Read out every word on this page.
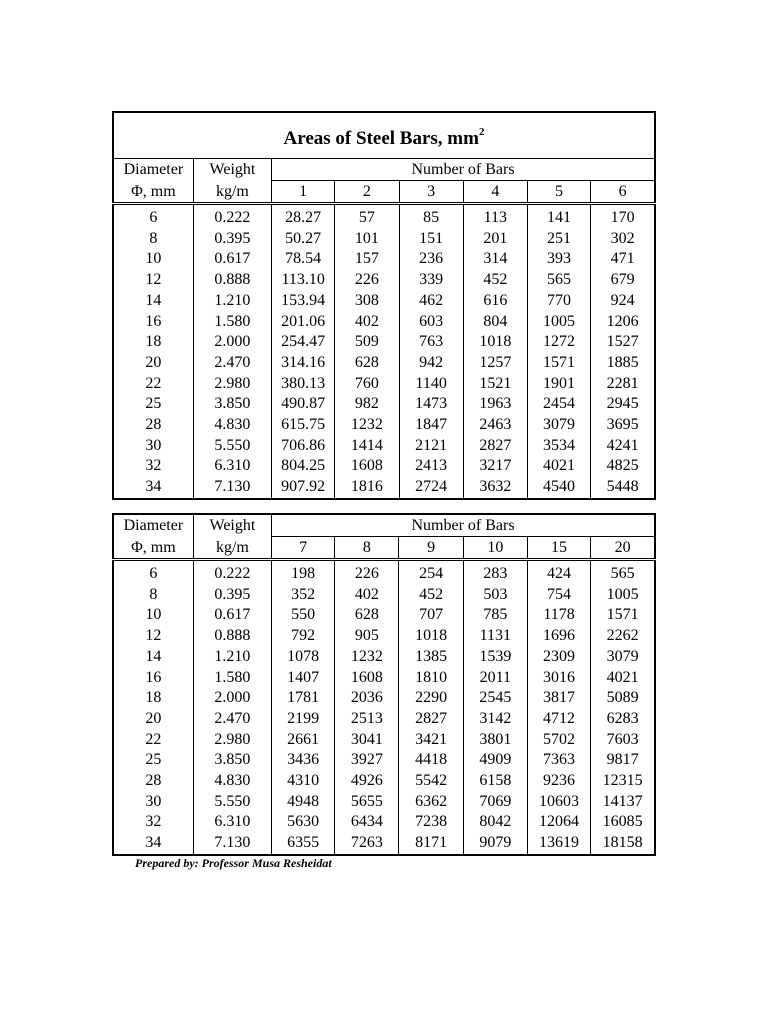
Areas of Steel Bars, $mm^2$
Diameter	Weight	Number of Bars					
Φ, mm	kg/m	1	2	3	4	5	6

6	0.222	28.27	57	85	113	141	170
8	0.395	50.27	101	151	201	251	302
10	0.617	78.54	157	236	314	393	471
12	0.888	113.10	226	339	452	565	679
14	1.210	153.94	308	462	616	770	924
16	1.580	201.06	402	603	804	1005	1206
18	2.000	254.47	509	763	1018	1272	1527
20	2.470	314.16	628	942	1257	1571	1885
22	2.980	380.13	760	1140	1521	1901	2281
25	3.850	490.87	982	1473	1963	2454	2945
28	4.830	615.75	1232	1847	2463	3079	3695
30	5.550	706.86	1414	2121	2827	3534	4241
32	6.310	804.25	1608	2413	3217	4021	4825
34	7.130	907.92	1816	2724	3632	4540	5448
Diameter	Weight	Number of Bars					
Φ, mm	kg/m	7	8	9	10	15	20

6	0.222	198	226	254	283	424	565
8	0.395	352	402	452	503	754	1005
10	0.617	550	628	707	785	1178	1571
12	0.888	792	905	1018	1131	1696	2262
14	1.210	1078	1232	1385	1539	2309	3079
16	1.580	1407	1608	1810	2011	3016	4021
18	2.000	1781	2036	2290	2545	3817	5089
20	2.470	2199	2513	2827	3142	4712	6283
22	2.980	2661	3041	3421	3801	5702	7603
25	3.850	3436	3927	4418	4909	7363	9817
28	4.830	4310	4926	5542	6158	9236	12315
30	5.550	4948	5655	6362	7069	10603	14137
32	6.310	5630	6434	7238	8042	12064	16085
34	7.130	6355	7263	8171	9079	13619	18158
Prepared by: Professor Musa Resheidat
